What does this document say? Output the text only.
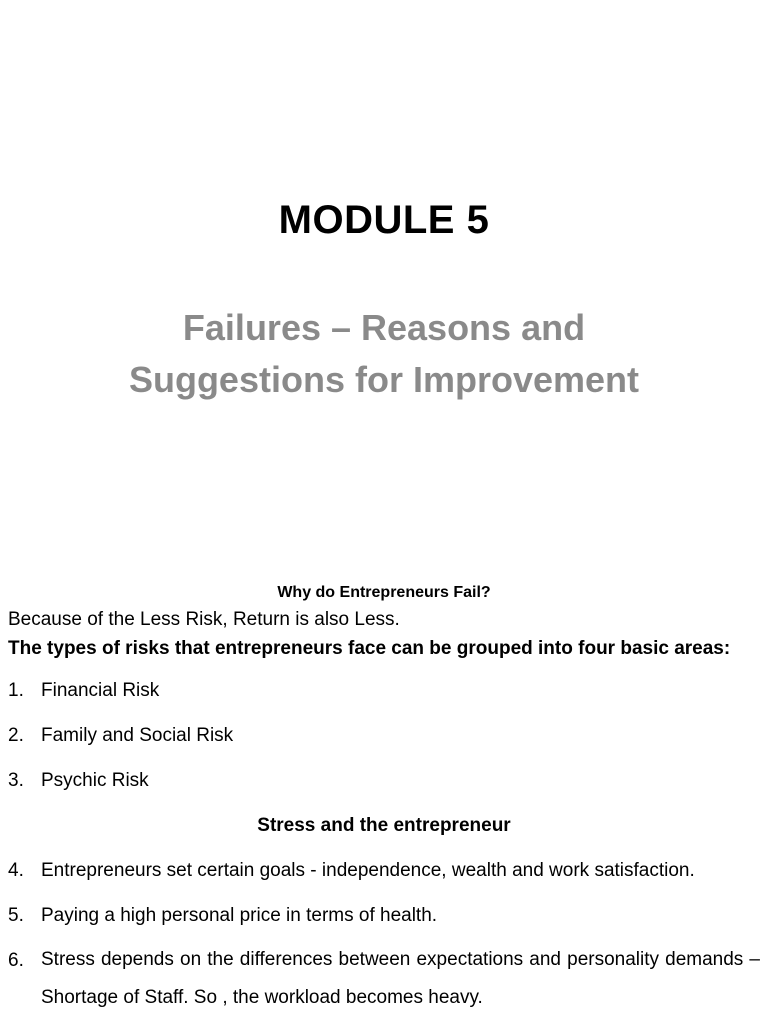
MODULE 5
Failures – Reasons and
Suggestions for Improvement

Why do Entrepreneurs Fail?

Because of the Less Risk, Return is also Less.

The types of risks that entrepreneurs face can be grouped into four basic areas:

1. Financial Risk
2. Family and Social Risk
3. Psychic Risk

Stress and the entrepreneur

4. Entrepreneurs set certain goals - independence, wealth and work satisfaction.
5. Paying a high personal price in terms of health.
6. Stress depends on the differences between expectations and personality demands – Shortage of Staff. So , the workload becomes heavy.
